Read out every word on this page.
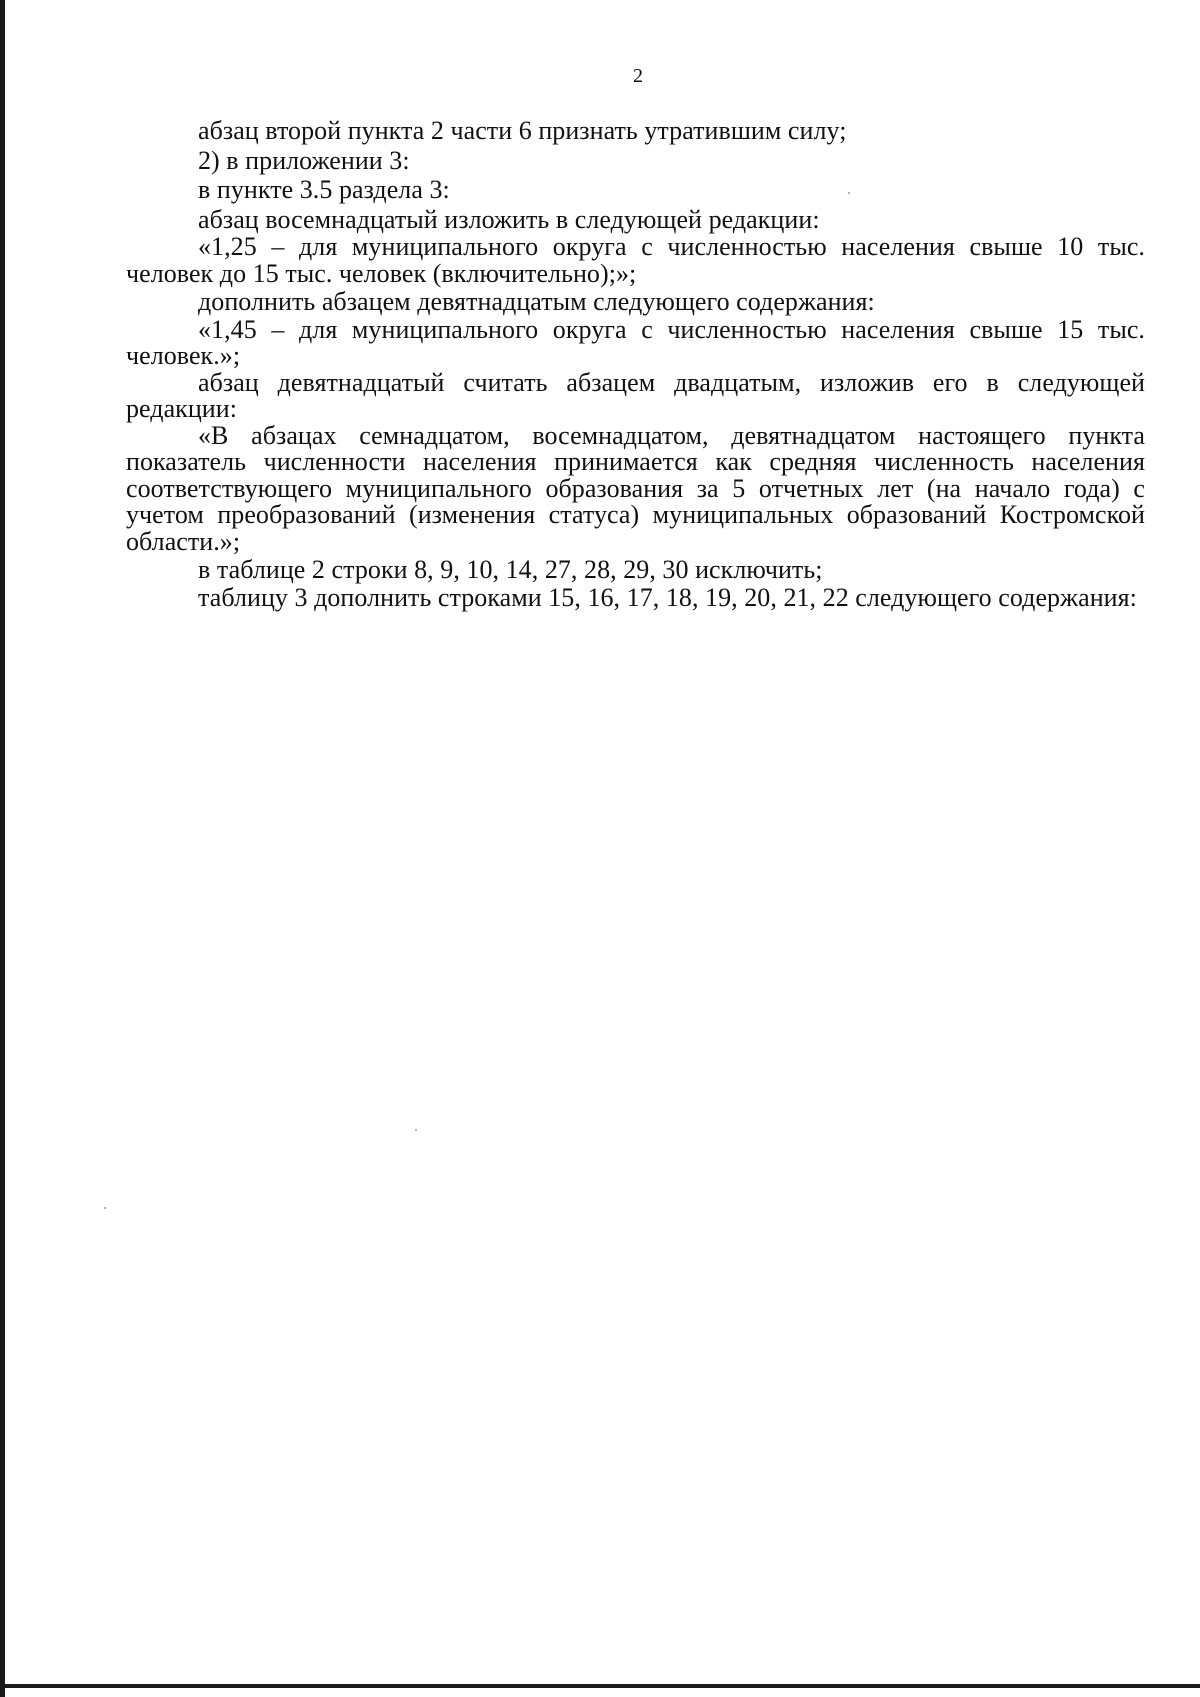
2

абзац второй пункта 2 части 6 признать утратившим силу;

2) в приложении 3:

в пункте 3.5 раздела 3:

абзац восемнадцатый изложить в следующей редакции:

«1,25 – для муниципального округа с численностью населения свыше 10 тыс. человек до 15 тыс. человек (включительно);»;

дополнить абзацем девятнадцатым следующего содержания:

«1,45 – для муниципального округа с численностью населения свыше 15 тыс. человек.»;

абзац девятнадцатый считать абзацем двадцатым, изложив его в следующей редакции:

«В абзацах семнадцатом, восемнадцатом, девятнадцатом настоящего пункта показатель численности населения принимается как средняя численность населения соответствующего муниципального образования за 5 отчетных лет (на начало года) с учетом преобразований (изменения статуса) муниципальных образований Костромской области.»;

в таблице 2 строки 8, 9, 10, 14, 27, 28, 29, 30 исключить;

таблицу 3 дополнить строками 15, 16, 17, 18, 19, 20, 21, 22 следующего содержания:
